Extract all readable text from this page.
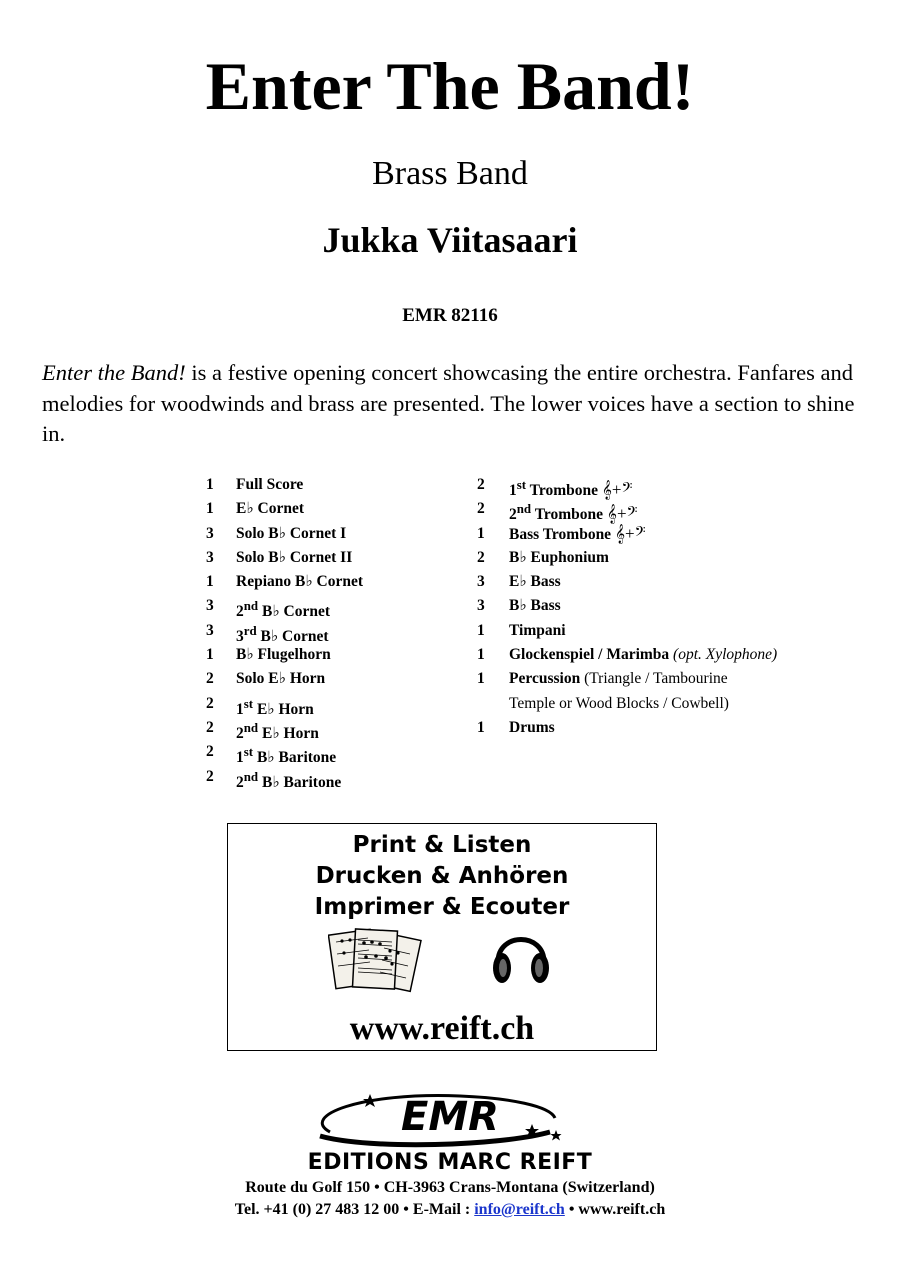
Enter The Band!
Brass Band
Jukka Viitasaari
EMR 82116
Enter the Band! is a festive opening concert showcasing the entire orchestra. Fanfares and melodies for woodwinds and brass are presented. The lower voices have a section to shine in.
1 Full Score
1 E♭ Cornet
3 Solo B♭ Cornet I
3 Solo B♭ Cornet II
1 Repiano B♭ Cornet
3 2nd B♭ Cornet
3 3rd B♭ Cornet
1 B♭ Flugelhorn
2 Solo E♭ Horn
2 1st E♭ Horn
2 2nd E♭ Horn
2 1st B♭ Baritone
2 2nd B♭ Baritone
2 1st Trombone 𝄞+𝄢
2 2nd Trombone 𝄞+𝄢
1 Bass Trombone 𝄞+𝄢
2 B♭ Euphonium
3 E♭ Bass
3 B♭ Bass
1 Timpani
1 Glockenspiel / Marimba (opt. Xylophone)
1 Percussion (Triangle / Tambourine
Temple or Wood Blocks / Cowbell)
1 Drums
Print & Listen
Drucken & Anhören
Imprimer & Ecouter
www.reift.ch
EMR
EDITIONS MARC REIFT
Route du Golf 150 • CH-3963 Crans-Montana (Switzerland)
Tel. +41 (0) 27 483 12 00 • E-Mail : info@reift.ch • www.reift.ch
